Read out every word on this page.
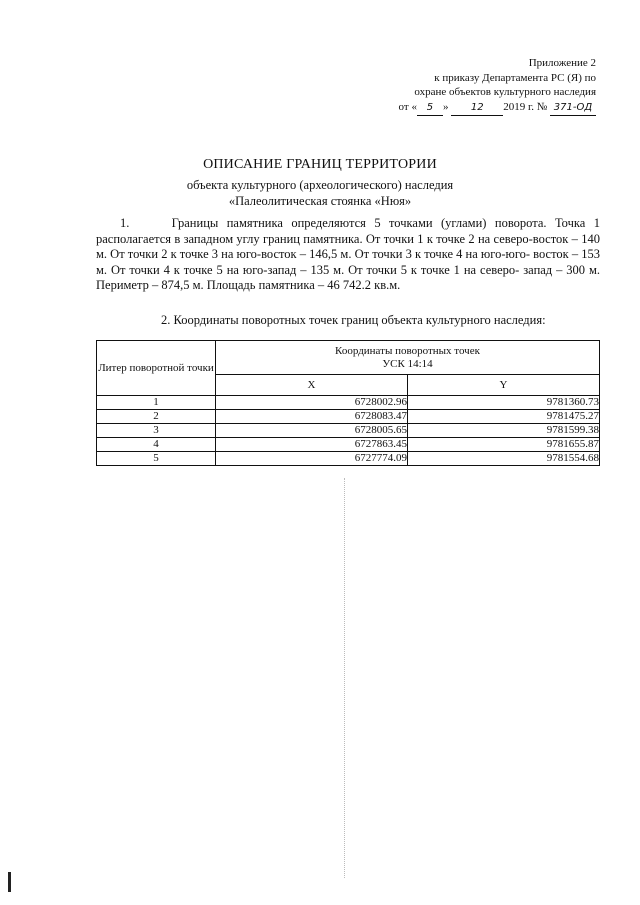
Приложение 2
к приказу Департамента РС (Я) по
охране объектов культурного наследия
от « 5 » 12 2019 г. № 371-ОД
ОПИСАНИЕ ГРАНИЦ ТЕРРИТОРИИ
объекта культурного (археологического) наследия
«Палеолитическая стоянка «Нюя»
1.     Границы памятника определяются 5 точками (углами) поворота. Точка 1 располагается в западном углу границ памятника. От точки 1 к точке 2 на северо-восток – 140 м. От точки 2 к точке 3 на юго-восток – 146,5 м. От точки 3 к точке 4 на юго-юго- восток – 153 м. От точки 4 к точке 5 на юго-запад – 135 м. От точки 5 к точке 1 на северо- запад – 300 м. Периметр – 874,5 м. Площадь памятника – 46 742.2 кв.м.
2. Координаты поворотных точек границ объекта культурного наследия:
Литер поворотной точки	Координаты поворотных точек
УСК 14:14	
	X	Y
1	6728002.96	9781360.73
2	6728083.47	9781475.27
3	6728005.65	9781599.38
4	6727863.45	9781655.87
5	6727774.09	9781554.68
